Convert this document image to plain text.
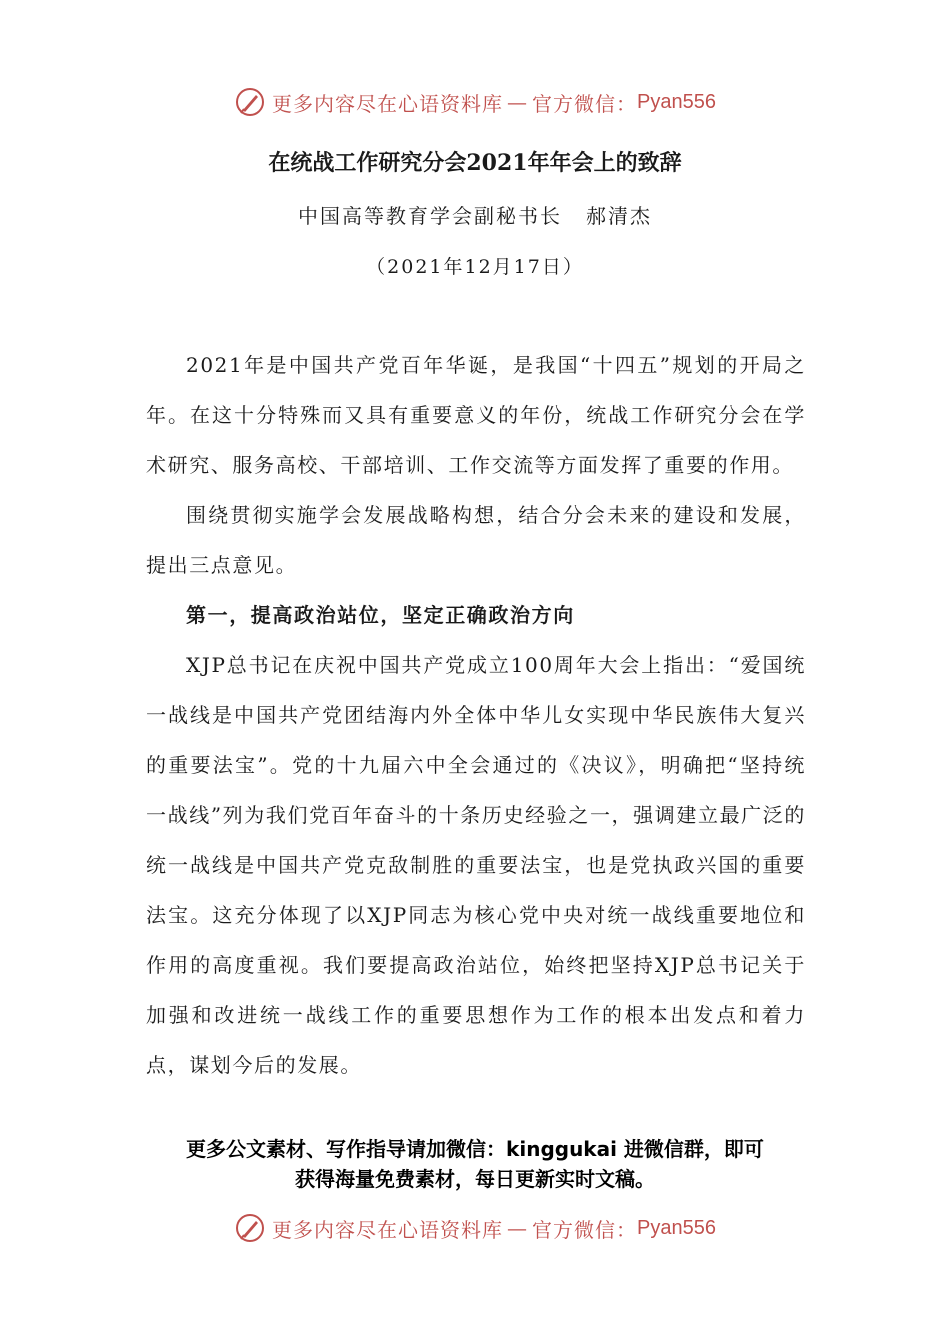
更多内容尽在心语资料库 — 官方微信： Pyan556
在统战工作研究分会2021年年会上的致辞
中国高等教育学会副秘书长 郝清杰
（2021年12月17日）

2021年是中国共产党百年华诞，是我国“十四五”规划的开局之年。在这十分特殊而又具有重要意义的年份，统战工作研究分会在学术研究、服务高校、干部培训、工作交流等方面发挥了重要的作用。

围绕贯彻实施学会发展战略构想，结合分会未来的建设和发展，提出三点意见。

第一，提高政治站位，坚定正确政治方向

XJP总书记在庆祝中国共产党成立100周年大会上指出：“爱国统一战线是中国共产党团结海内外全体中华儿女实现中华民族伟大复兴的重要法宝”。党的十九届六中全会通过的《决议》，明确把“坚持统一战线”列为我们党百年奋斗的十条历史经验之一，强调建立最广泛的统一战线是中国共产党克敌制胜的重要法宝，也是党执政兴国的重要法宝。这充分体现了以XJP同志为核心党中央对统一战线重要地位和作用的高度重视。我们要提高政治站位，始终把坚持XJP总书记关于加强和改进统一战线工作的重要思想作为工作的根本出发点和着力点，谋划今后的发展。

更多公文素材、写作指导请加微信：kinggukai 进微信群，即可
获得海量免费素材，每日更新实时文稿。
更多内容尽在心语资料库 — 官方微信： Pyan556
